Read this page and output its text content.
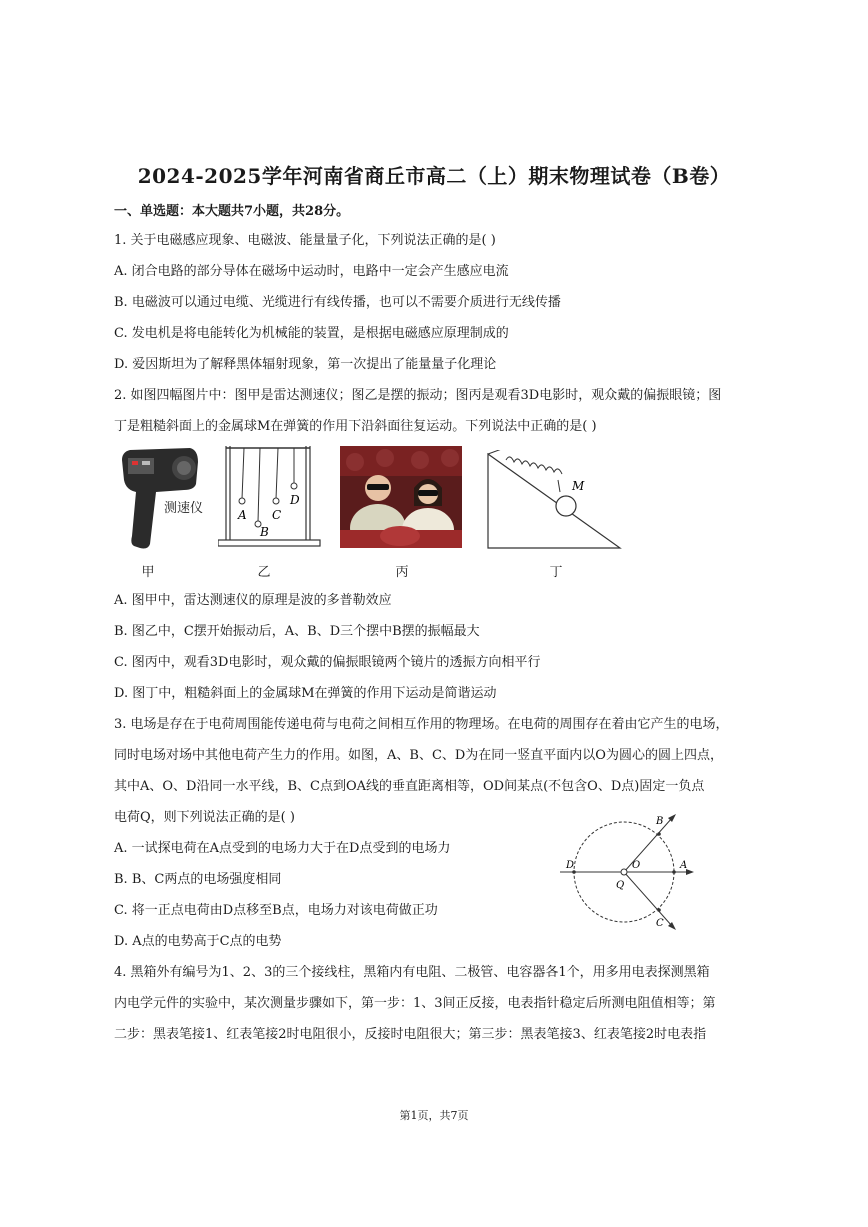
2024-2025学年河南省商丘市高二（上）期末物理试卷（B卷）
一、单选题：本大题共7小题，共28分。
1. 关于电磁感应现象、电磁波、能量量子化，下列说法正确的是( )
A. 闭合电路的部分导体在磁场中运动时，电路中一定会产生感应电流
B. 电磁波可以通过电缆、光缆进行有线传播，也可以不需要介质进行无线传播
C. 发电机是将电能转化为机械能的装置，是根据电磁感应原理制成的
D. 爱因斯坦为了解释黑体辐射现象，第一次提出了能量量子化理论
2. 如图四幅图片中：图甲是雷达测速仪；图乙是摆的振动；图丙是观看3D电影时，观众戴的偏振眼镜；图
丁是粗糙斜面上的金属球M在弹簧的作用下沿斜面往复运动。下列说法中正确的是( )
测速仪	A
B
C
D
M
甲	乙	丙	丁
A. 图甲中，雷达测速仪的原理是波的多普勒效应
B. 图乙中，C摆开始振动后，A、B、D三个摆中B摆的振幅最大
C. 图丙中，观看3D电影时，观众戴的偏振眼镜两个镜片的透振方向相平行
D. 图丁中，粗糙斜面上的金属球M在弹簧的作用下运动是简谐运动
3. 电场是存在于电荷周围能传递电荷与电荷之间相互作用的物理场。在电荷的周围存在着由它产生的电场，
同时电场对场中其他电荷产生力的作用。如图，A、B、C、D为在同一竖直平面内以O为圆心的圆上四点，
其中A、O、D沿同一水平线，B、C点到OA线的垂直距离相等，OD间某点(不包含O、D点)固定一负点
电荷Q，则下列说法正确的是( )	B
C
D	A
O
Q
A. 一试探电荷在A点受到的电场力大于在D点受到的电场力
B. B、C两点的电场强度相同
C. 将一正点电荷由D点移至B点，电场力对该电荷做正功
D. A点的电势高于C点的电势
4. 黑箱外有编号为1、2、3的三个接线柱，黑箱内有电阻、二极管、电容器各1个，用多用电表探测黑箱
内电学元件的实验中，某次测量步骤如下，第一步：1、3间正反接，电表指针稳定后所测电阻值相等；第
二步：黑表笔接1、红表笔接2时电阻很小，反接时电阻很大；第三步：黑表笔接3、红表笔接2时电表指
第1页，共7页
